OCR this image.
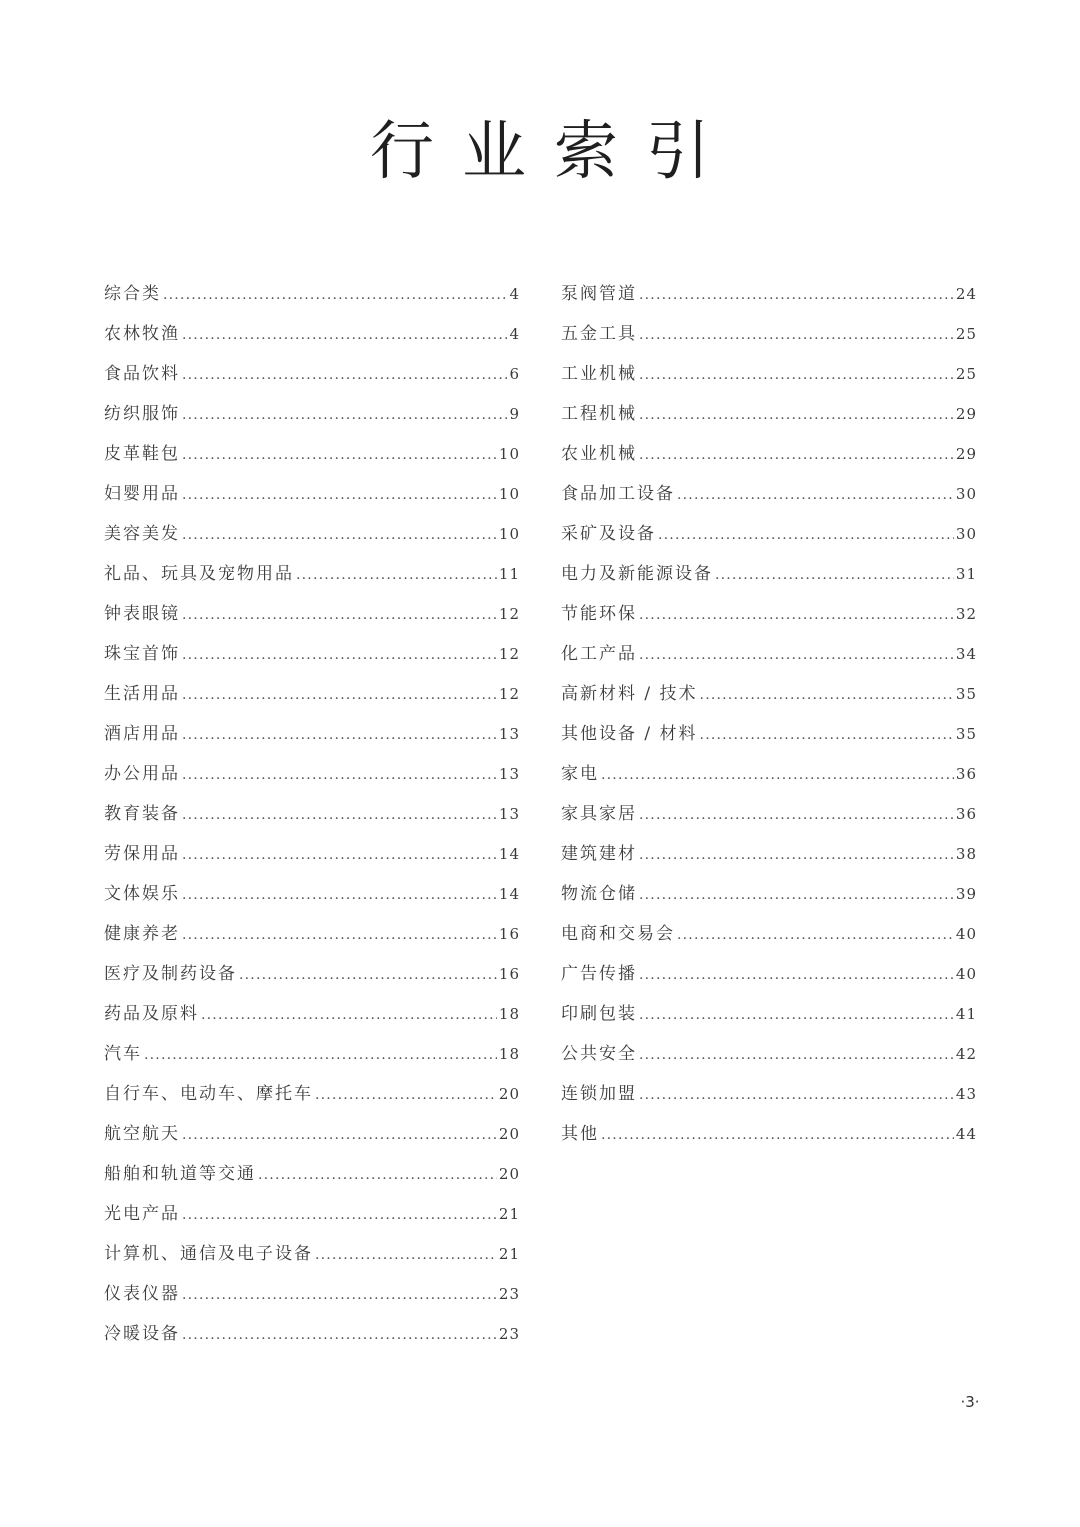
行业索引
综合类 .....	4
农林牧渔 .....	4
食品饮料 .....	6
纺织服饰 .....	9
皮革鞋包 .....	10
妇婴用品 .....	10
美容美发 .....	10
礼品、玩具及宠物用品 .....	11
钟表眼镜 .....	12
珠宝首饰 .....	12
生活用品 .....	12
酒店用品 .....	13
办公用品 .....	13
教育装备 .....	13
劳保用品 .....	14
文体娱乐 .....	14
健康养老 .....	16
医疗及制药设备 .....	16
药品及原料 .....	18
汽车 .....	18
自行车、电动车、摩托车 .....	20
航空航天 .....	20
船舶和轨道等交通 .....	20
光电产品 .....	21
计算机、通信及电子设备 .....	21
仪表仪器 .....	23
冷暖设备 .....	23
泵阀管道 .....	24
五金工具 .....	25
工业机械 .....	25
工程机械 .....	29
农业机械 .....	29
食品加工设备 .....	30
采矿及设备 .....	30
电力及新能源设备 .....	31
节能环保 .....	32
化工产品 .....	34
高新材料 / 技术 .....	35
其他设备 / 材料 .....	35
家电 .....	36
家具家居 .....	36
建筑建材 .....	38
物流仓储 .....	39
电商和交易会 .....	40
广告传播 .....	40
印刷包装 .....	41
公共安全 .....	42
连锁加盟 .....	43
其他 .....	44
·3·
